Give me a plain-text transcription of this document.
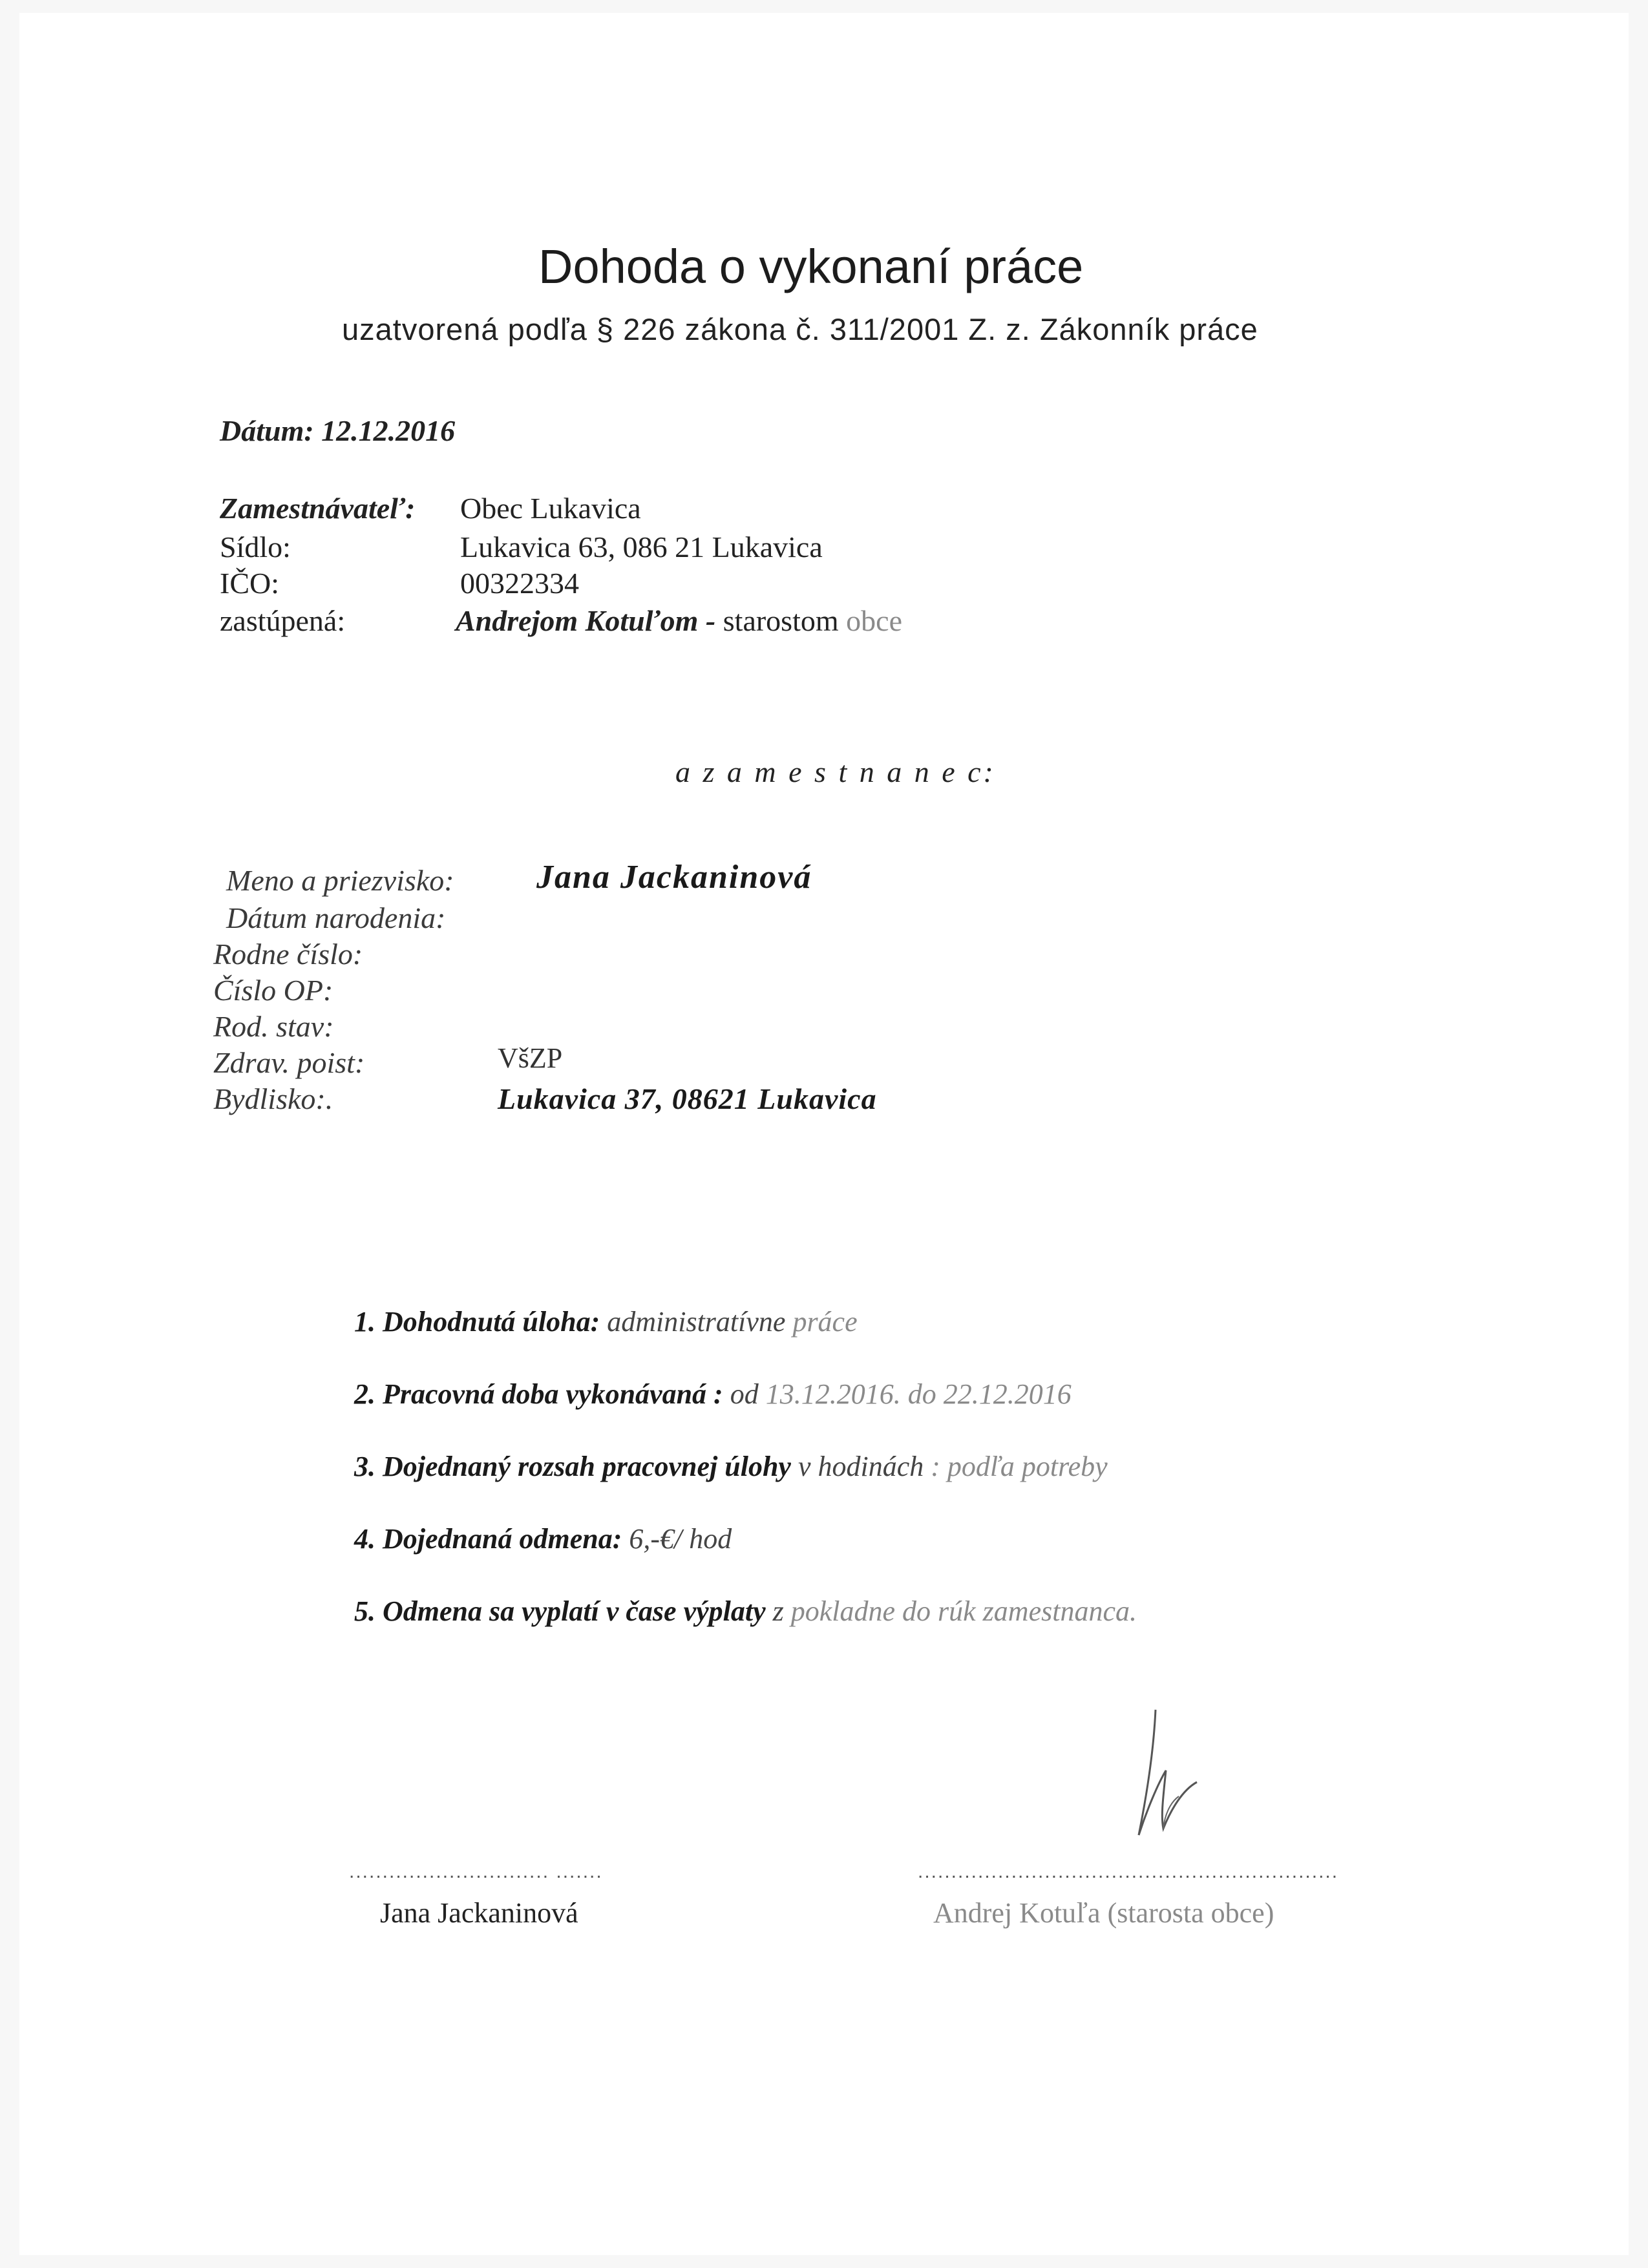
Dohoda o vykonaní práce
uzatvorená podľa § 226 zákona č. 311/2001 Z. z. Zákonník práce
Dátum: 12.12.2016
Zamestnávateľ: Obec Lukavica
Sídlo:	Lukavica 63, 086 21 Lukavica
IČO:	00322334
zastúpená:	Andrejom Kotuľom - starostom obce
a z a m e s t n a n e c:
Meno a priezvisko: Jana Jackaninová
Dátum narodenia:
Rodne číslo:
Číslo OP:
Rod. stav:
Zdrav. poist:	VšZP
Bydlisko:.	Lukavica 37, 08621 Lukavica
1. Dohodnutá úloha: administratívne práce
2. Pracovná doba vykonávaná : od 13.12.2016. do 22.12.2016
3. Dojednaný rozsah pracovnej úlohy v hodinách : podľa potreby
4. Dojednaná odmena: 6,-€/ hod
5. Odmena sa vyplatí v čase výplaty z pokladne do rúk zamestnanca.
.............................. .......
Jana Jackaninová
...............................................................
Andrej Kotuľa (starosta obce)
